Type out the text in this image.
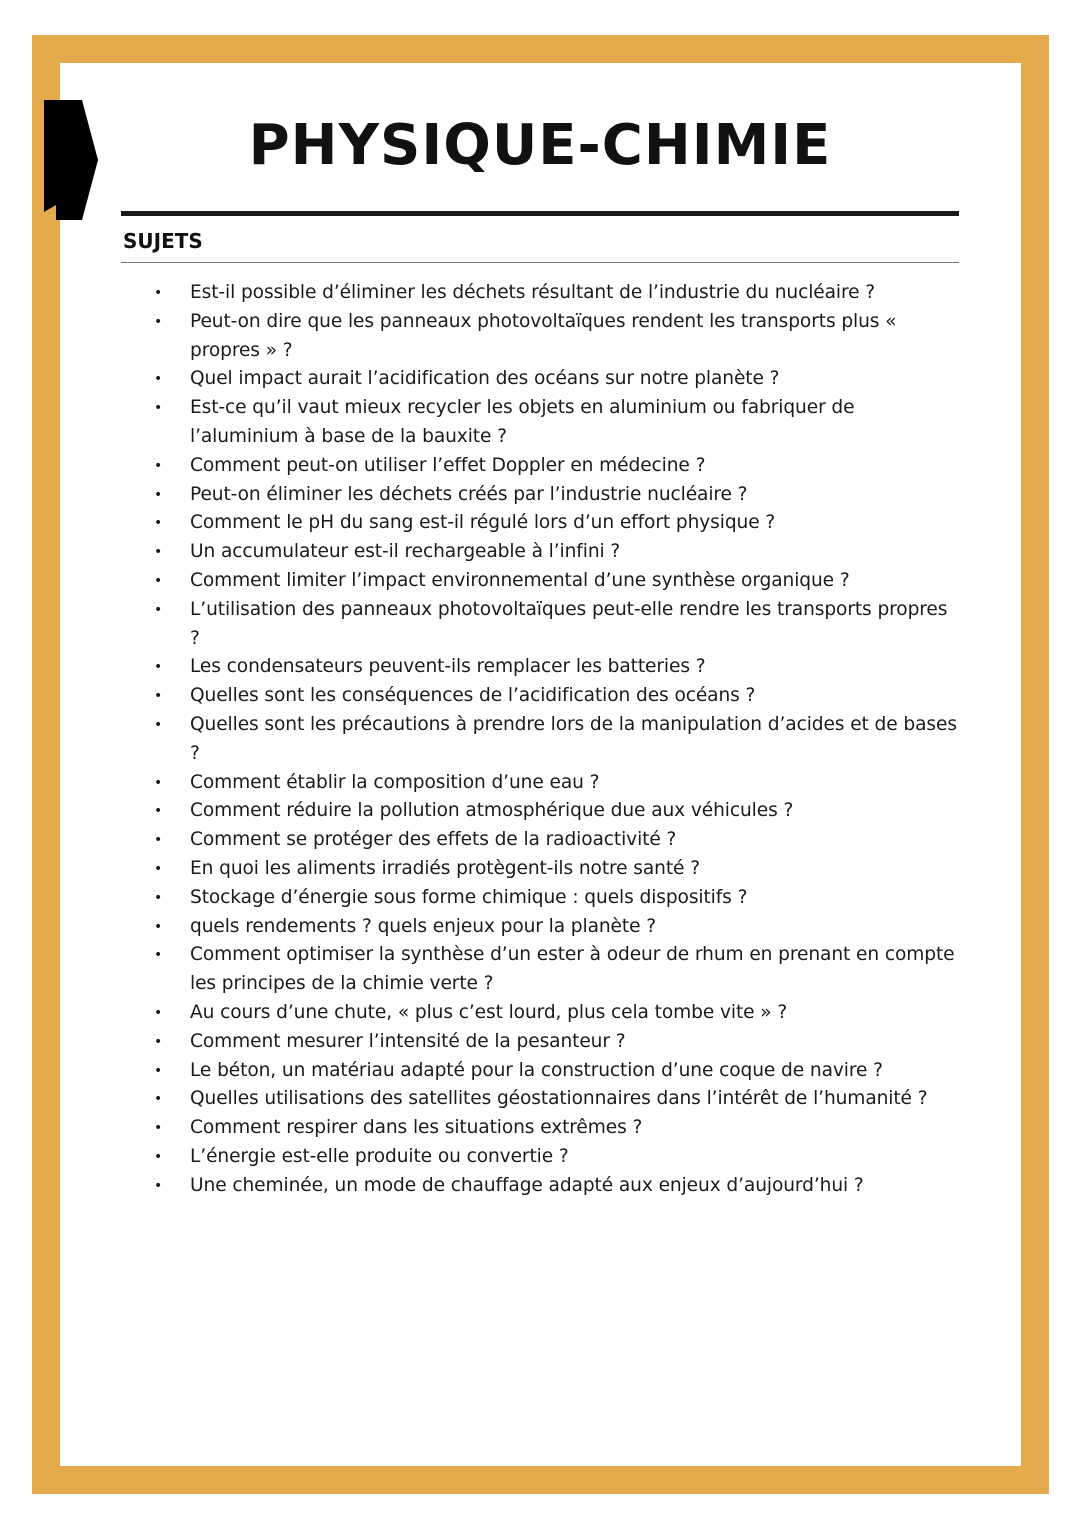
PHYSIQUE-CHIMIE
SUJETS
•	Est-il possible d’éliminer les déchets résultant de l’industrie du nucléaire ?
•	Peut-on dire que les panneaux photovoltaïques rendent les transports plus « propres » ?
•	Quel impact aurait l’acidification des océans sur notre planète ?
•	Est-ce qu’il vaut mieux recycler les objets en aluminium ou fabriquer de l’aluminium à base de la bauxite ?
•	Comment peut-on utiliser l’effet Doppler en médecine ?
•	Peut-on éliminer les déchets créés par l’industrie nucléaire ?
•	Comment le pH du sang est-il régulé lors d’un effort physique ?
•	Un accumulateur est-il rechargeable à l’infini ?
•	Comment limiter l’impact environnemental d’une synthèse organique ?
•	L’utilisation des panneaux photovoltaïques peut-elle rendre les transports propres ?
•	Les condensateurs peuvent-ils remplacer les batteries ?
•	Quelles sont les conséquences de l’acidification des océans ?
•	Quelles sont les précautions à prendre lors de la manipulation d’acides et de bases ?
•	Comment établir la composition d’une eau ?
•	Comment réduire la pollution atmosphérique due aux véhicules ?
•	Comment se protéger des effets de la radioactivité ?
•	En quoi les aliments irradiés protègent-ils notre santé ?
•	Stockage d’énergie sous forme chimique : quels dispositifs ?
•	quels rendements ? quels enjeux pour la planète ?
•	Comment optimiser la synthèse d’un ester à odeur de rhum en prenant en compte les principes de la chimie verte ?
•	Au cours d’une chute, « plus c’est lourd, plus cela tombe vite » ?
•	Comment mesurer l’intensité de la pesanteur ?
•	Le béton, un matériau adapté pour la construction d’une coque de navire ?
•	Quelles utilisations des satellites géostationnaires dans l’intérêt de l’humanité ?
•	Comment respirer dans les situations extrêmes ?
•	L’énergie est-elle produite ou convertie ?
•	Une cheminée, un mode de chauffage adapté aux enjeux d’aujourd’hui ?
